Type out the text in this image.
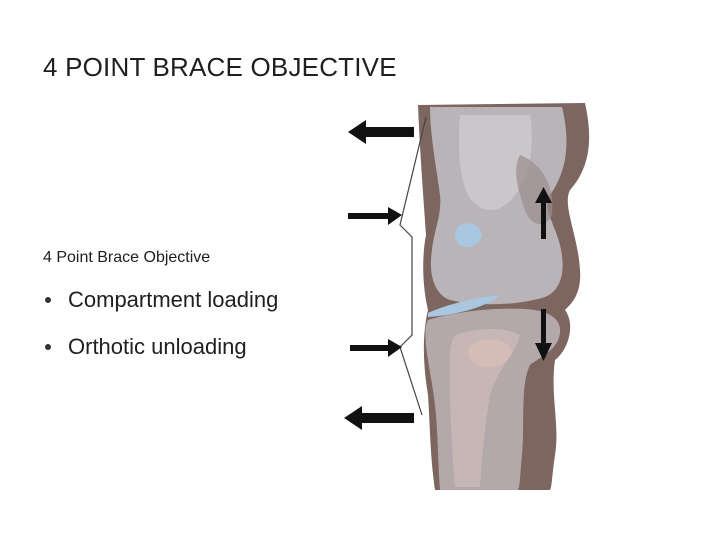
4 POINT BRACE OBJECTIVE
4 Point Brace Objective
Compartment loading
Orthotic unloading
